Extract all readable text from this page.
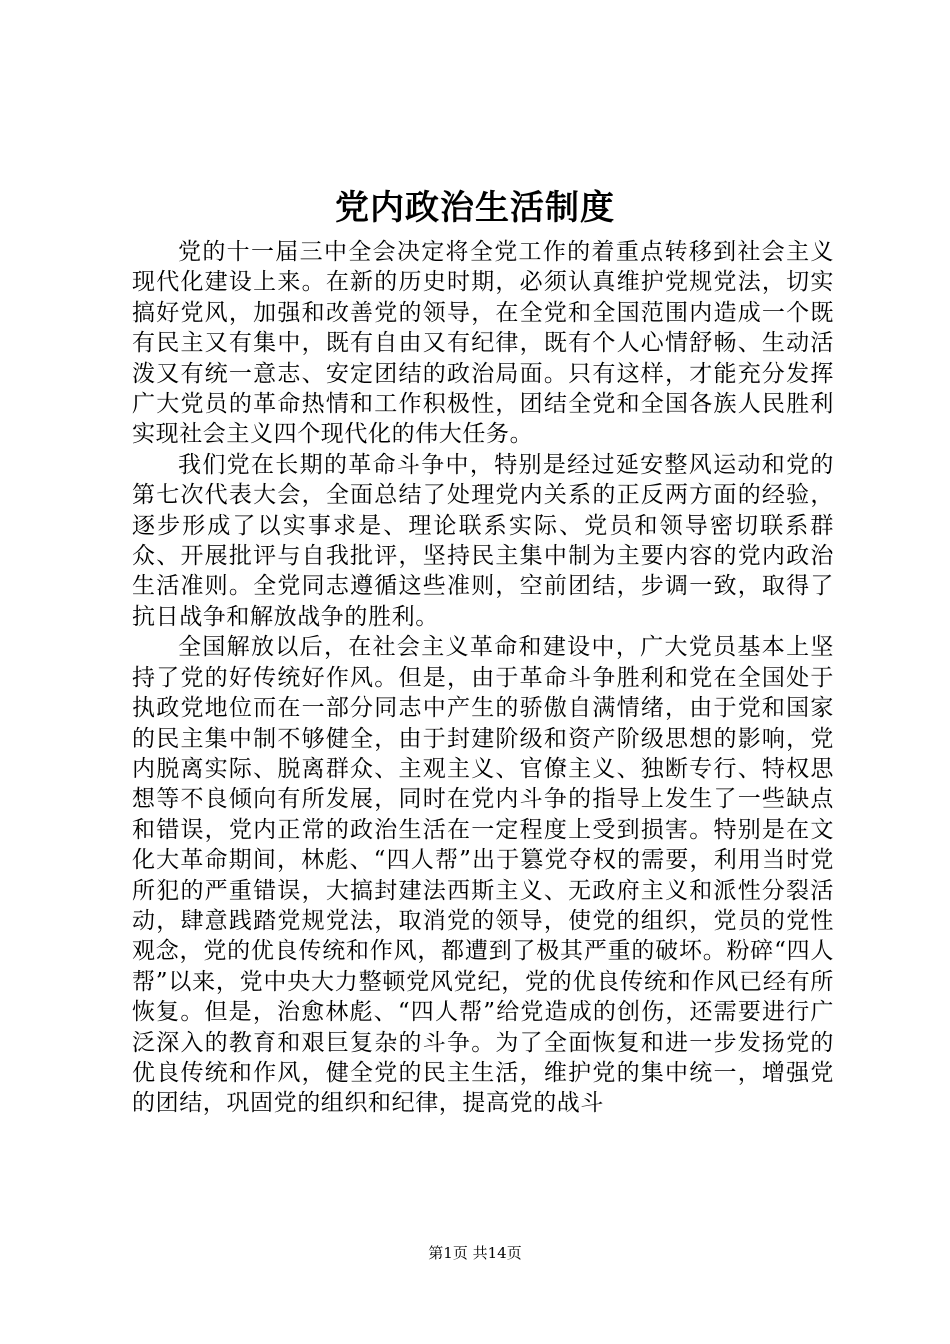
党内政治生活制度

党的十一届三中全会决定将全党工作的着重点转移到社会主义现代化建设上来。在新的历史时期，必须认真维护党规党法，切实搞好党风，加强和改善党的领导，在全党和全国范围内造成一个既有民主又有集中，既有自由又有纪律，既有个人心情舒畅、生动活泼又有统一意志、安定团结的政治局面。只有这样，才能充分发挥广大党员的革命热情和工作积极性，团结全党和全国各族人民胜利实现社会主义四个现代化的伟大任务。

我们党在长期的革命斗争中，特别是经过延安整风运动和党的第七次代表大会，全面总结了处理党内关系的正反两方面的经验，逐步形成了以实事求是、理论联系实际、党员和领导密切联系群众、开展批评与自我批评，坚持民主集中制为主要内容的党内政治生活准则。全党同志遵循这些准则，空前团结，步调一致，取得了抗日战争和解放战争的胜利。

全国解放以后，在社会主义革命和建设中，广大党员基本上坚持了党的好传统好作风。但是，由于革命斗争胜利和党在全国处于执政党地位而在一部分同志中产生的骄傲自满情绪，由于党和国家的民主集中制不够健全，由于封建阶级和资产阶级思想的影响，党内脱离实际、脱离群众、主观主义、官僚主义、独断专行、特权思想等不良倾向有所发展，同时在党内斗争的指导上发生了一些缺点和错误，党内正常的政治生活在一定程度上受到损害。特别是在文化大革命期间，林彪、“四人帮”出于篡党夺权的需要，利用当时党所犯的严重错误，大搞封建法西斯主义、无政府主义和派性分裂活动，肆意践踏党规党法，取消党的领导，使党的组织，党员的党性观念，党的优良传统和作风，都遭到了极其严重的破坏。粉碎“四人帮”以来，党中央大力整顿党风党纪，党的优良传统和作风已经有所恢复。但是，治愈林彪、“四人帮”给党造成的创伤，还需要进行广泛深入的教育和艰巨复杂的斗争。为了全面恢复和进一步发扬党的优良传统和作风，健全党的民主生活，维护党的集中统一，增强党的团结，巩固党的组织和纪律，提高党的战斗

第1页 共14页
